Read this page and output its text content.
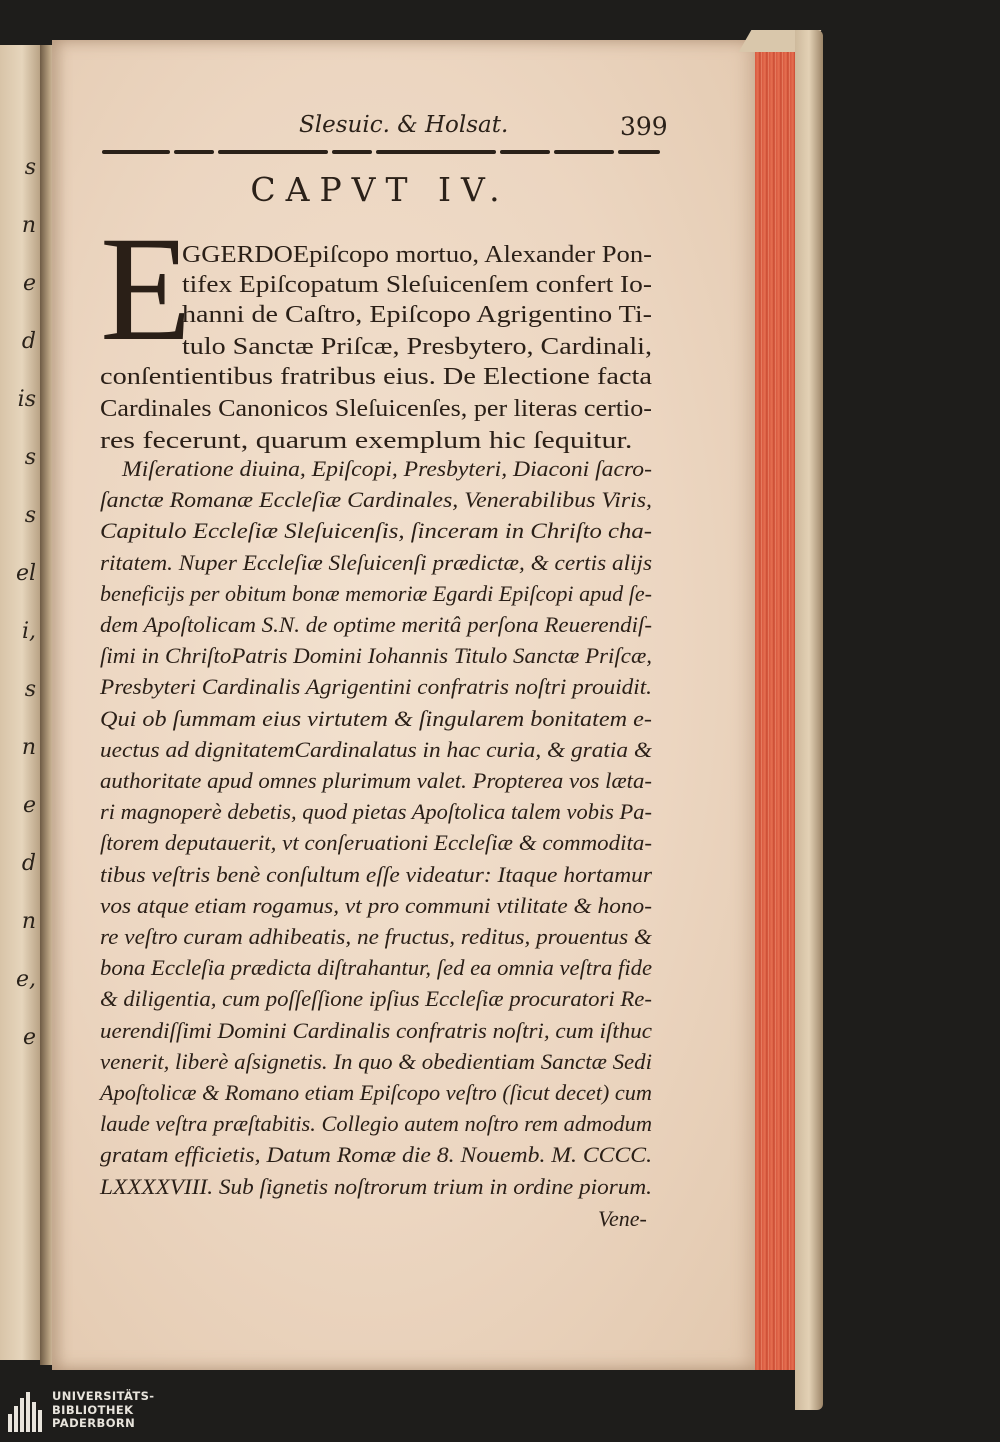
s
n
e
d
is
s
s
el
i,
s
n
e
d
n
e,
e
Slesuic. & Holsat.	399
CAPVT IV.
E
GGERDOEpiſcopo mortuo, Alexander Pon-
tifex Epiſcopatum Sleſuicenſem confert Io-
hanni de Caſtro, Epiſcopo Agrigentino Ti-
tulo Sanctæ Priſcæ, Presbytero, Cardinali,
conſentientibus fratribus eius. De Electione facta
Cardinales Canonicos Sleſuicenſes, per literas certio-
res fecerunt, quarum exemplum hic ſequitur.
Miſeratione diuina, Epiſcopi, Presbyteri, Diaconi ſacro-
ſanctæ Romanæ Eccleſiæ Cardinales, Venerabilibus Viris,
Capitulo Eccleſiæ Sleſuicenſis, ſinceram in Chriſto cha-
ritatem. Nuper Eccleſiæ Sleſuicenſi prædictæ, & certis alijs
beneficijs per obitum bonæ memoriæ Egardi Epiſcopi apud ſe-
dem Apoſtolicam S.N. de optime meritâ perſona Reuerendiſ-
ſimi in ChriſtoPatris Domini Iohannis Titulo Sanctæ Priſcæ,
Presbyteri Cardinalis Agrigentini confratris noſtri prouidit.
Qui ob ſummam eius virtutem & ſingularem bonitatem e-
uectus ad dignitatemCardinalatus in hac curia, & gratia &
authoritate apud omnes plurimum valet. Propterea vos læta-
ri magnoperè debetis, quod pietas Apoſtolica talem vobis Pa-
ſtorem deputauerit, vt conſeruationi Eccleſiæ & commodita-
tibus veſtris benè conſultum eſſe videatur: Itaque hortamur
vos atque etiam rogamus, vt pro communi vtilitate & hono-
re veſtro curam adhibeatis, ne fructus, reditus, prouentus &
bona Eccleſia prædicta diſtrahantur, ſed ea omnia veſtra fide
& diligentia, cum poſſeſſione ipſius Eccleſiæ procuratori Re-
uerendiſſimi Domini Cardinalis confratris noſtri, cum iſthuc
venerit, liberè aſsignetis. In quo & obedientiam Sanctæ Sedi
Apoſtolicæ & Romano etiam Epiſcopo veſtro (ſicut decet) cum
laude veſtra præſtabitis. Collegio autem noſtro rem admodum
gratam efficietis, Datum Romæ die 8. Nouemb. M. CCCC.
LXXXXVIII. Sub ſignetis noſtrorum trium in ordine piorum.
Vene-
UNIVERSITÄTS-
BIBLIOTHEK
PADERBORN
